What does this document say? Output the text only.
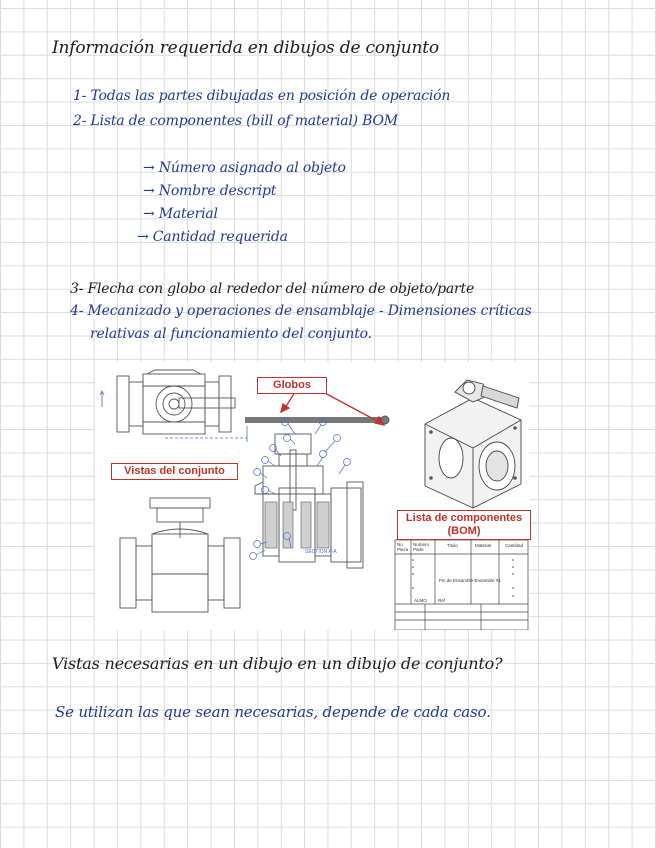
Información requerida en dibujos de conjunto
1- Todas las partes dibujadas en posición de operación
2- Lista de componentes (bill of material) BOM
→ Número asignado al objeto
→ Nombre descript
→ Material
→ Cantidad requerida
3- Flecha con globo al rededor del número de objeto/parte
4- Mecanizado y operaciones de ensamblaje - Dimensiones críticas
relativas al funcionamiento del conjunto.
Globos
Vistas del conjunto
Lista de componentes
(BOM)
SECTION A-A
No. Pieza
Numero Parte
Titulo	Material	Cantidad
Pin de Ensamble-Ensamble #1
ALMO Ref
Vistas necesarias en un dibujo en un dibujo de conjunto?
Se utilizan las que sean necesarias, depende de cada caso.
